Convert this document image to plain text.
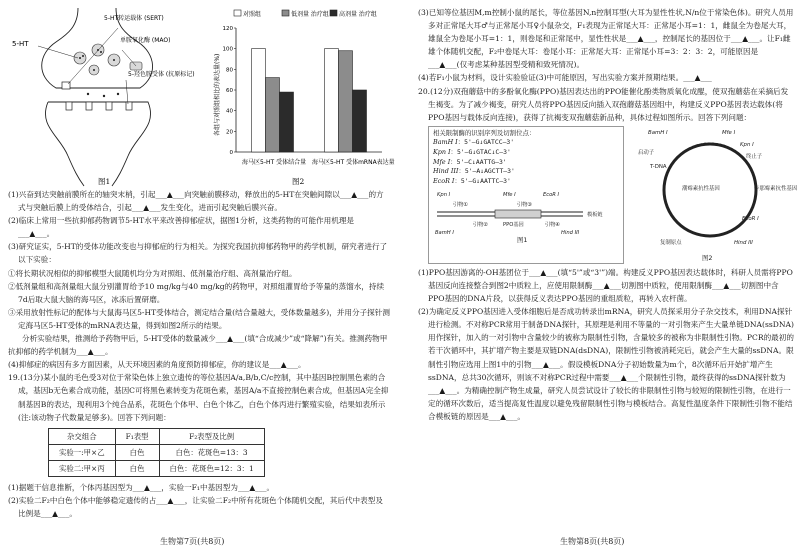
5-HT
5-HT转运载体 (SERT)
单胺氧化酶 (MAO)
5-羟色胺受体 (抗原标记)
图1
对照组	低剂量 治疗组 高剂量 治疗组
各组与对照组相比的表达量(%)
0
20
40
60
80
100
120
海马区5-HT 受体结合量 海马区5-HT 受体mRNA表达量
图2

(1)兴奋到达突触前膜所在的轴突末梢，引起___▲___向突触前膜移动，释放出的5-HT在突触间隙以___▲___的方式与突触后膜上的受体结合，引起___▲___发生变化，进而引起突触后膜兴奋。

(2)临床上常用一些抗抑郁药物调节5-HT水平来改善抑郁症状，据图1分析，这类药物的可能作用机理是___▲___。

(3)研究证实，5-HT的受体功能改变也与抑郁症的行为相关。为探究我国抗抑郁药物甲的药学机制，研究者进行了以下实验：

①将长期状况相似的抑郁模型大鼠随机均分为对照组、低剂量治疗组、高剂量治疗组。

②低剂量组和高剂量组大鼠分别灌胃给予10 mg/kg与40 mg/kg的药物甲，对照组灌胃给予等量的蒸馏水，持续7d后取大鼠大脑的海马区，冰冻后置研磨。

③采用放射性标记的配体与大鼠海马区5-HT受体结合，测定结合量(结合量越大，受体数量越多)，并用分子探针测定海马区5-HT受体的mRNA表达量，得到如图2所示的结果。

分析实验结果，推测给予药物甲后，5-HT受体的数量减少___▲___(填“合成减少”或“降解”)有关。推测药物甲抗抑郁的药学机制为___▲___。

(4)抑郁症的病因有多方面因素，从天环境因素的角度预防抑郁症，你的建议是___▲___。

19.(13分)某小鼠的毛色受3对位于常染色体上独立遗传的等位基因A/a,B/b,C/c控制，其中基因B控制黑色素的合成，基因b无色素合成功能，基因C可将黑色素转变为花斑色素，基因A/a不直接控制色素合成，但基因A完全抑制基因B的表达，现利用3个纯合品系，花斑色个体甲、白色个体乙，白色个体丙进行繁殖实验，结果如表所示(注:该动物子代数量足够多)。回答下列问题：

杂交组合	F₁表型	F₂表型及比例
实验一:甲×乙	白色	白色：花斑色=13：3
实验二:甲×丙	白色	白色：花斑色=12：3：1

(1)据题干信息推断，个体丙基因型为___▲___，实验一F₁中基因型为___▲___。

(2)实验二F₂中白色个体中能够稳定遗传的占___▲___，让实验二F₂中所有花斑色个体随机交配，其后代中表型及比例是___▲___。

生物第7页(共8页)

(3)已知等位基因M,m控制小鼠的尾长，等位基因N,n控制耳型(大耳为显性性状,N/n位于常染色体)。研究人员用多对正常尾大耳♂与正常尾小耳♀小鼠杂交，F₁表现为正常尾大耳：正常尾小耳=1：1，雌鼠全为卷尾大耳，雄鼠全为卷尾小耳=1：1，则卷尾和正常尾中，显性性状是___▲___，控制尾长的基因位于___▲___。让F₁雌雄个体随机交配，F₂中卷尾大耳：卷尾小耳：正常尾大耳：正常尾小耳=3：2：3：2，可能原因是___▲___(仅考虑某种基因型受精和致死情况)。

(4)若F₁小鼠为材料，设计实验验证(3)中可能原因，写出实验方案并预期结果。___▲___

20.(12分)双孢蘑菇中的多酚氧化酶(PPO)基因表达出的PPO能催化酚类物质氧化成醌，使双孢蘑菇在采摘后发生褐变。为了减少褐变，研究人员将PPO基因反向插入双孢蘑菇基因组中，构建反义PPO基因表达载体(将PPO基因与载体反向连接)，获得了抗褐变双孢蘑菇新品种，具体过程如图所示。回答下列问题：

相关限制酶的识别序列及切割位点：
BamH I：5'—G↓GATCC—3'
Kpn I：5'—G↓GTAC↓C—3'
Mfe I：5'—C↓AATTG—3'
Hind III：5'—A↓AGCTT—3'
EcoR I：5'—G↓AATTC—3'
Kpn I	Mfe I	EcoR I
BamH I
引物①
引物②
引物③
引物④
PPO基因
模板链
Hind III
图1
BamH I	Mfe I
Kpn I
启动子
终止子
T-DNA
潮霉素抗性基因	卡那霉素抗性基因
EcoR I
Hind III
复制原点
图2

(1)PPO基因游离的-OH基团位于___▲___(填“5'”或“3'”)端。构建反义PPO基因表达载体时，科研人员需将PPO基因反向连接整合到图2中质粒上，应使用限制酶___▲___切割图中质粒，使用限制酶___▲___切割图中含PPO基因的DNA片段，以获得反义表达PPO基因的重组质粒，再转入农杆菌。

(2)为确定反义PPO基因进入受体细胞后是否成功转录出mRNA，研究人员探采用分子杂交技术，利用DNA探针进行检测。不对称PCR常用于制备DNA探针，其原理是利用不等量的一对引物来产生大量单链DNA(ssDNA)用作探针，加入的一对引物中含量较少的被称为限制性引物，含量较多的被称为非限制性引物。PCR的最初的若干次循环中，其扩增产物主要是双链DNA(dsDNA)，限制性引物被消耗完后，就会产生大量的ssDNA。限制性引物应选用上图1中的引物___▲___。假设模板DNA分子初始数量为m个，8次循环后开始扩增产生ssDNA，总共30次循环，则该不对称PCR过程中需要___▲___个限制性引物，最终获得的ssDNA探针数为___▲___。为精确控制产物生成量，研究人员尝试设计了较长的非限制性引物与较短的限制性引物，在进行一定的循环次数后，适当提高复性温度以避免残留限制性引物与模板结合。高复性温度条件下限制性引物不能结合模板链的原因是___▲___。

生物第8页(共8页)
